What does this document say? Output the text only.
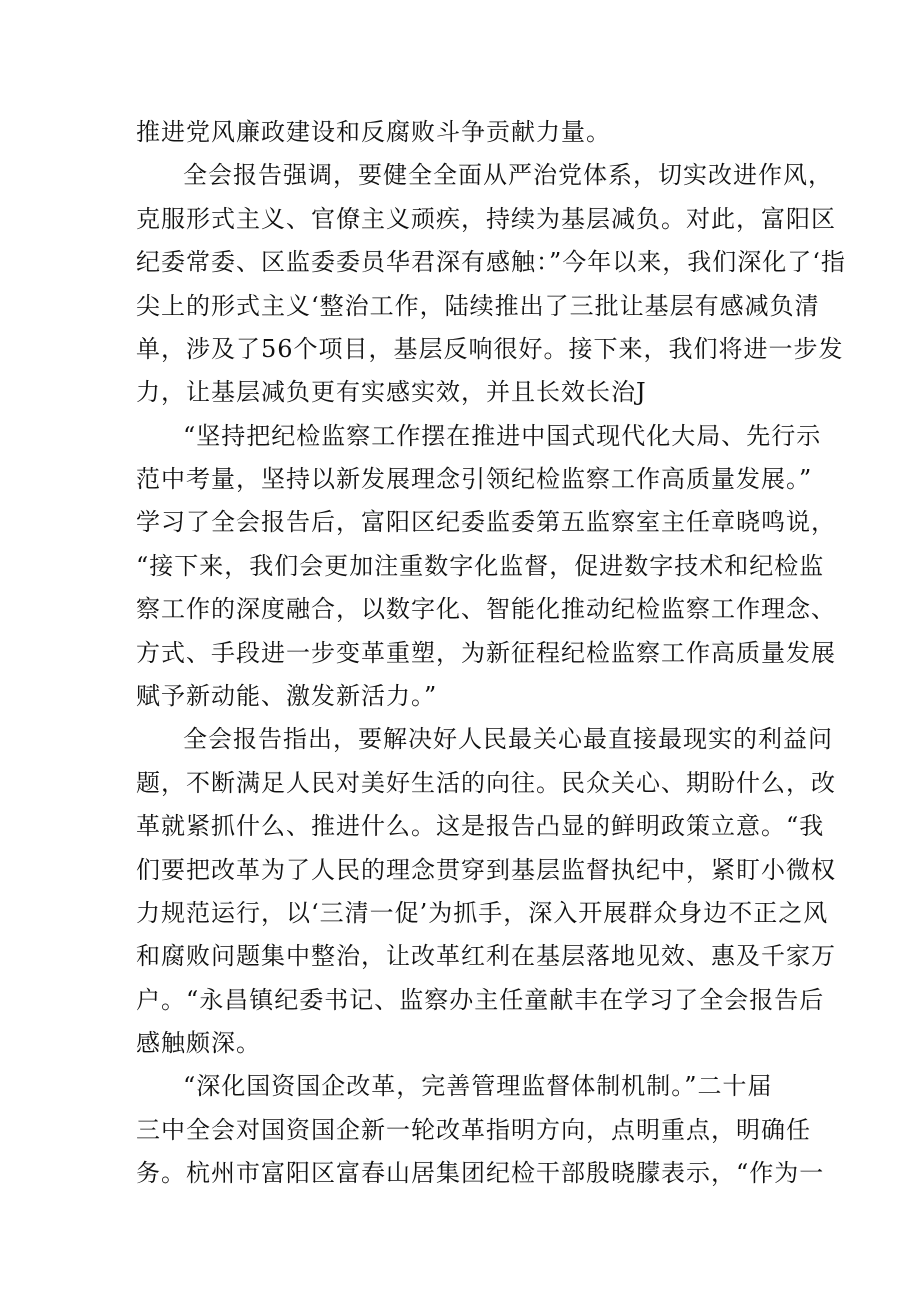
推进党风廉政建设和反腐败斗争贡献力量。
全会报告强调，要健全全面从严治党体系，切实改进作风，
克服形式主义、官僚主义顽疾，持续为基层减负。对此，富阳区
纪委常委、区监委委员华君深有感触：”今年以来，我们深化了‘指
尖上的形式主义‘整治工作，陆续推出了三批让基层有感减负清
单，涉及了56个项目，基层反响很好。接下来，我们将进一步发
力，让基层减负更有实感实效，并且长效长治J
“坚持把纪检监察工作摆在推进中国式现代化大局、先行示
范中考量，坚持以新发展理念引领纪检监察工作高质量发展。”
学习了全会报告后，富阳区纪委监委第五监察室主任章晓鸣说，
“接下来，我们会更加注重数字化监督，促进数字技术和纪检监
察工作的深度融合，以数字化、智能化推动纪检监察工作理念、
方式、手段进一步变革重塑，为新征程纪检监察工作高质量发展
赋予新动能、激发新活力。”
全会报告指出，要解决好人民最关心最直接最现实的利益问
题，不断满足人民对美好生活的向往。民众关心、期盼什么，改
革就紧抓什么、推进什么。这是报告凸显的鲜明政策立意。“我
们要把改革为了人民的理念贯穿到基层监督执纪中，紧盯小微权
力规范运行，以‘三清一促’为抓手，深入开展群众身边不正之风
和腐败问题集中整治，让改革红利在基层落地见效、惠及千家万
户。“永昌镇纪委书记、监察办主任童献丰在学习了全会报告后
感触颇深。
“深化国资国企改革，完善管理监督体制机制。”二十届
三中全会对国资国企新一轮改革指明方向，点明重点，明确任
务。杭州市富阳区富春山居集团纪检干部殷晓朦表示，“作为一
